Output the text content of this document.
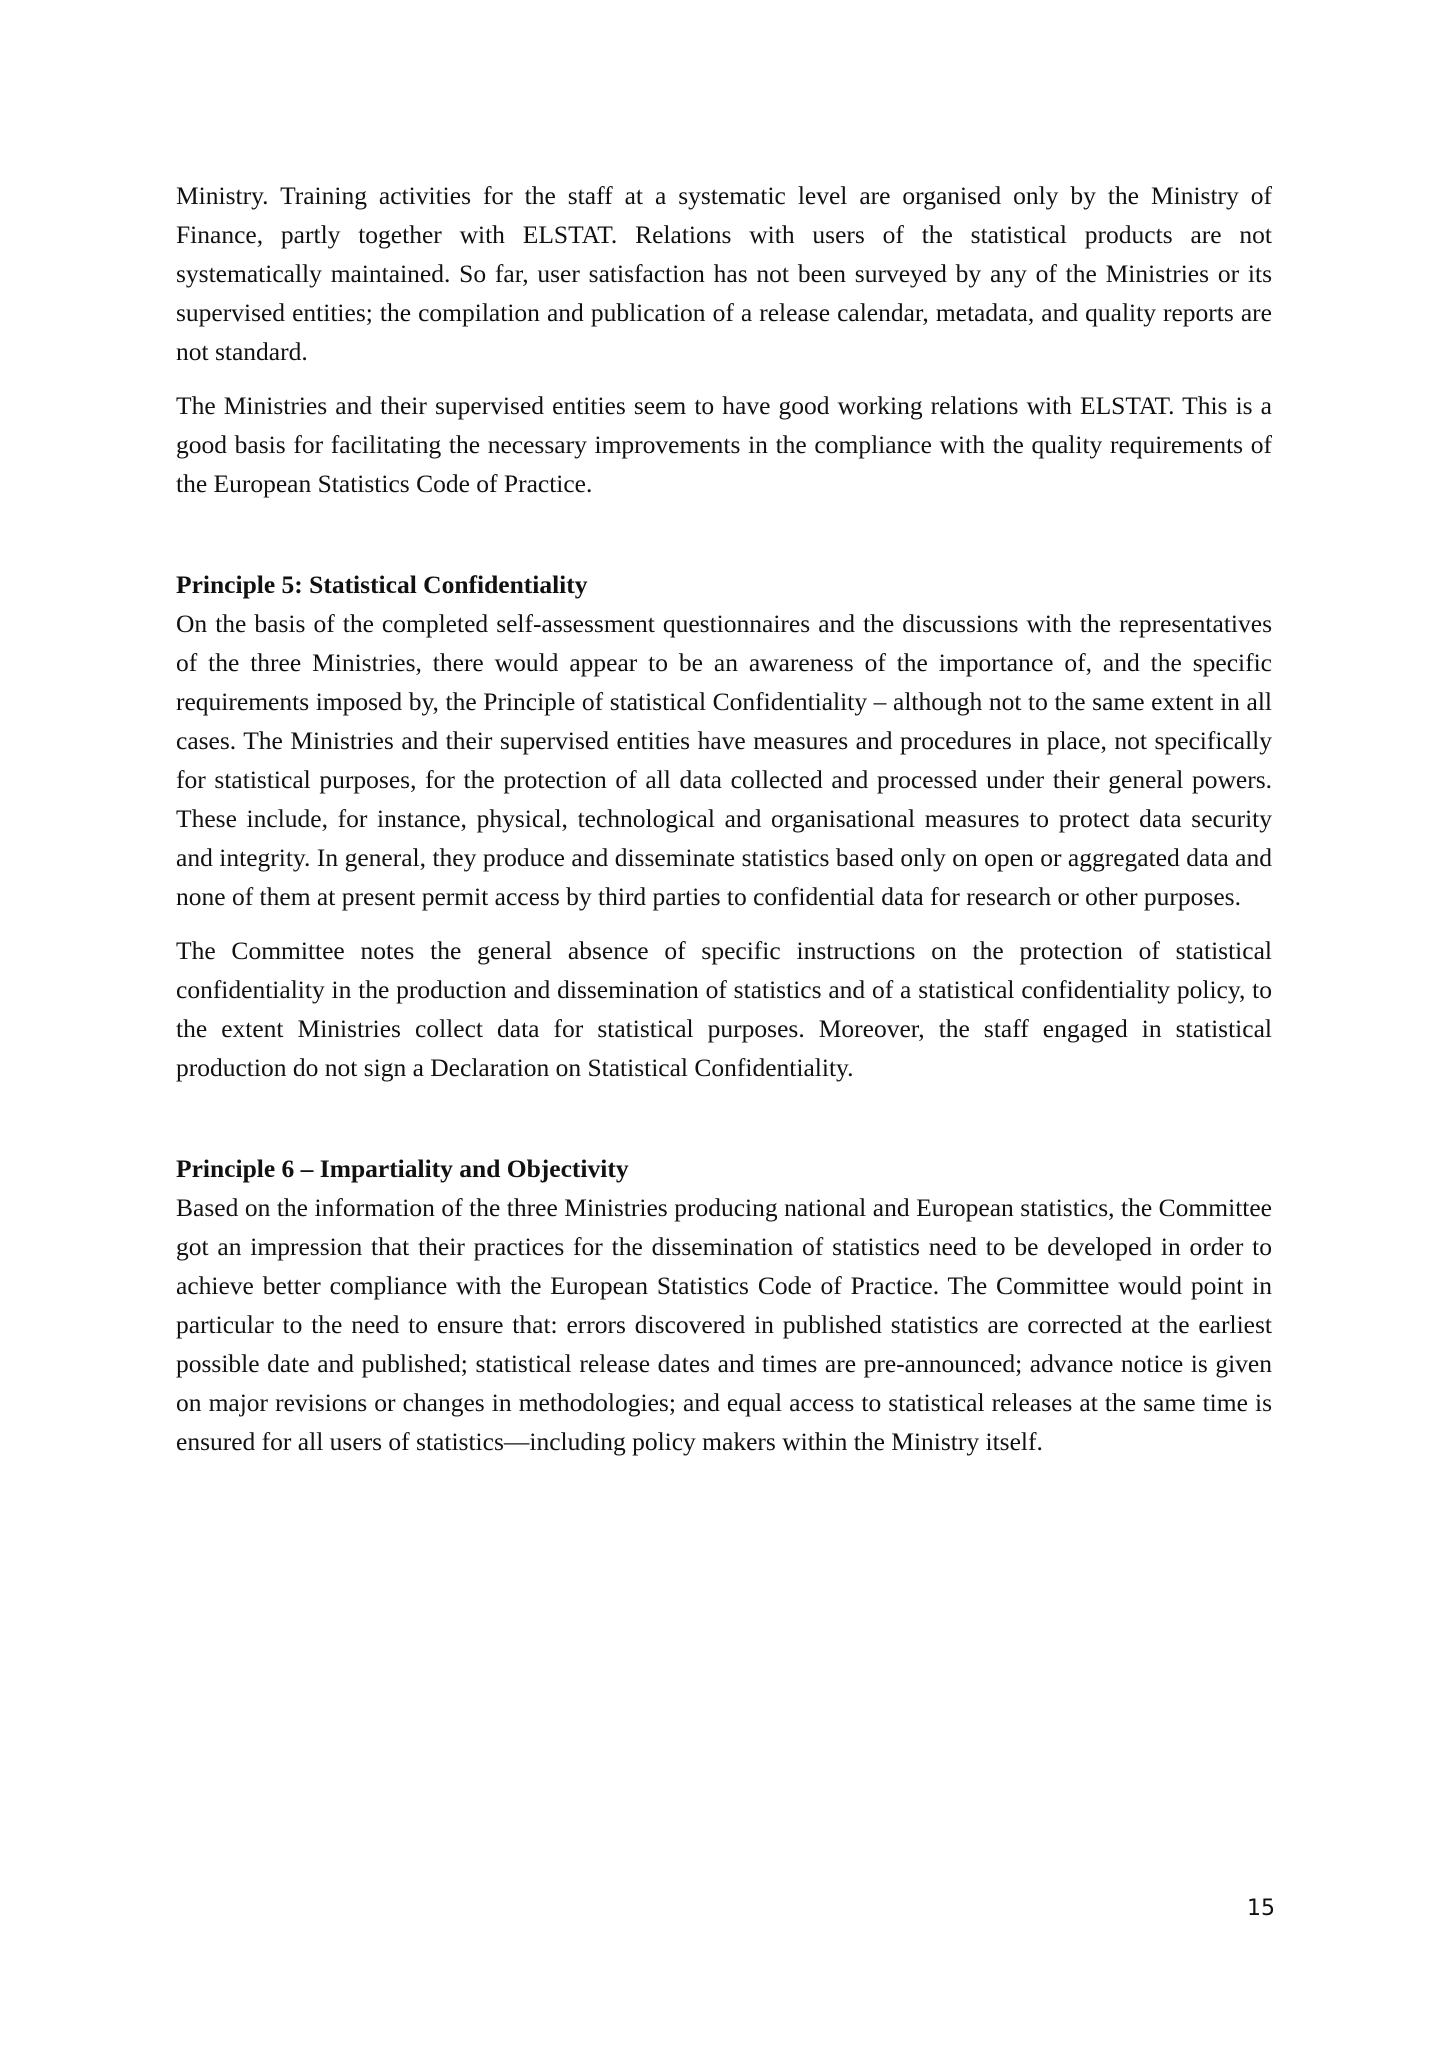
Ministry. Training activities for the staff at a systematic level are organised only by the Ministry of Finance, partly together with ELSTAT. Relations with users of the statistical products are not systematically maintained. So far, user satisfaction has not been surveyed by any of the Ministries or its supervised entities; the compilation and publication of a release calendar, metadata, and quality reports are not standard.

The Ministries and their supervised entities seem to have good working relations with ELSTAT. This is a good basis for facilitating the necessary improvements in the compliance with the quality requirements of the European Statistics Code of Practice.

Principle 5: Statistical Confidentiality

On the basis of the completed self-assessment questionnaires and the discussions with the representatives of the three Ministries, there would appear to be an awareness of the importance of, and the specific requirements imposed by, the Principle of statistical Confidentiality – although not to the same extent in all cases. The Ministries and their supervised entities have measures and procedures in place, not specifically for statistical purposes, for the protection of all data collected and processed under their general powers. These include, for instance, physical, technological and organisational measures to protect data security and integrity. In general, they produce and disseminate statistics based only on open or aggregated data and none of them at present permit access by third parties to confidential data for research or other purposes.

The Committee notes the general absence of specific instructions on the protection of statistical confidentiality in the production and dissemination of statistics and of a statistical confidentiality policy, to the extent Ministries collect data for statistical purposes. Moreover, the staff engaged in statistical production do not sign a Declaration on Statistical Confidentiality.

Principle 6 – Impartiality and Objectivity

Based on the information of the three Ministries producing national and European statistics, the Committee got an impression that their practices for the dissemination of statistics need to be developed in order to achieve better compliance with the European Statistics Code of Practice. The Committee would point in particular to the need to ensure that: errors discovered in published statistics are corrected at the earliest possible date and published; statistical release dates and times are pre-announced; advance notice is given on major revisions or changes in methodologies; and equal access to statistical releases at the same time is ensured for all users of statistics—including policy makers within the Ministry itself.

15
